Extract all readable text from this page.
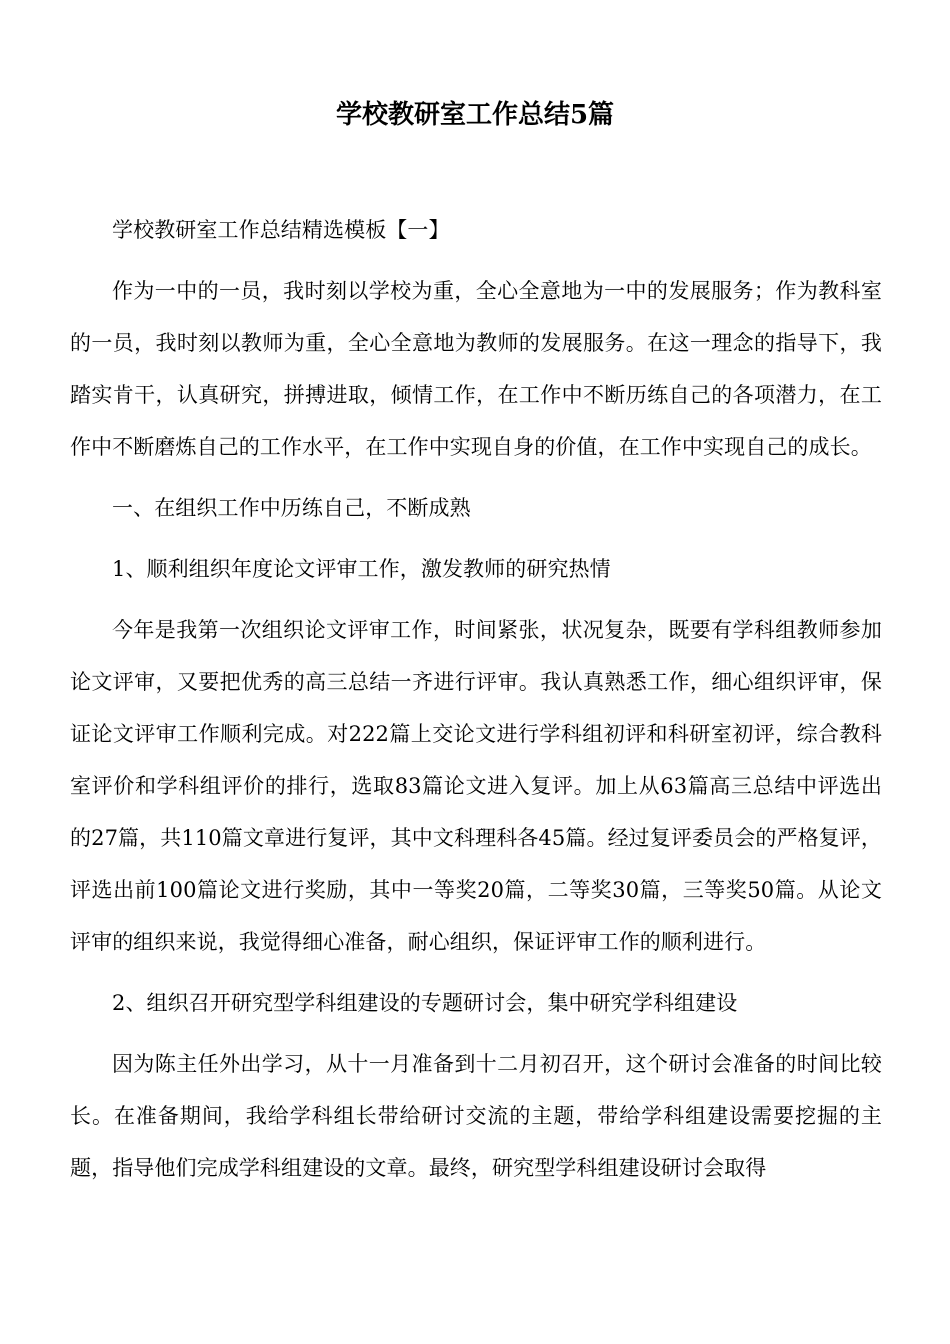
学校教研室工作总结5篇

学校教研室工作总结精选模板【一】

作为一中的一员，我时刻以学校为重，全心全意地为一中的发展服务；作为教科室的一员，我时刻以教师为重，全心全意地为教师的发展服务。在这一理念的指导下，我踏实肯干，认真研究，拼搏进取，倾情工作，在工作中不断历练自己的各项潜力，在工作中不断磨炼自己的工作水平，在工作中实现自身的价值，在工作中实现自己的成长。

一、在组织工作中历练自己，不断成熟

1、顺利组织年度论文评审工作，激发教师的研究热情

今年是我第一次组织论文评审工作，时间紧张，状况复杂，既要有学科组教师参加论文评审，又要把优秀的高三总结一齐进行评审。我认真熟悉工作，细心组织评审，保证论文评审工作顺利完成。对222篇上交论文进行学科组初评和科研室初评，综合教科室评价和学科组评价的排行，选取83篇论文进入复评。加上从63篇高三总结中评选出的27篇，共110篇文章进行复评，其中文科理科各45篇。经过复评委员会的严格复评，评选出前100篇论文进行奖励，其中一等奖20篇，二等奖30篇，三等奖50篇。从论文评审的组织来说，我觉得细心准备，耐心组织，保证评审工作的顺利进行。

2、组织召开研究型学科组建设的专题研讨会，集中研究学科组建设

因为陈主任外出学习，从十一月准备到十二月初召开，这个研讨会准备的时间比较长。在准备期间，我给学科组长带给研讨交流的主题，带给学科组建设需要挖掘的主题，指导他们完成学科组建设的文章。最终，研究型学科组建设研讨会取得
